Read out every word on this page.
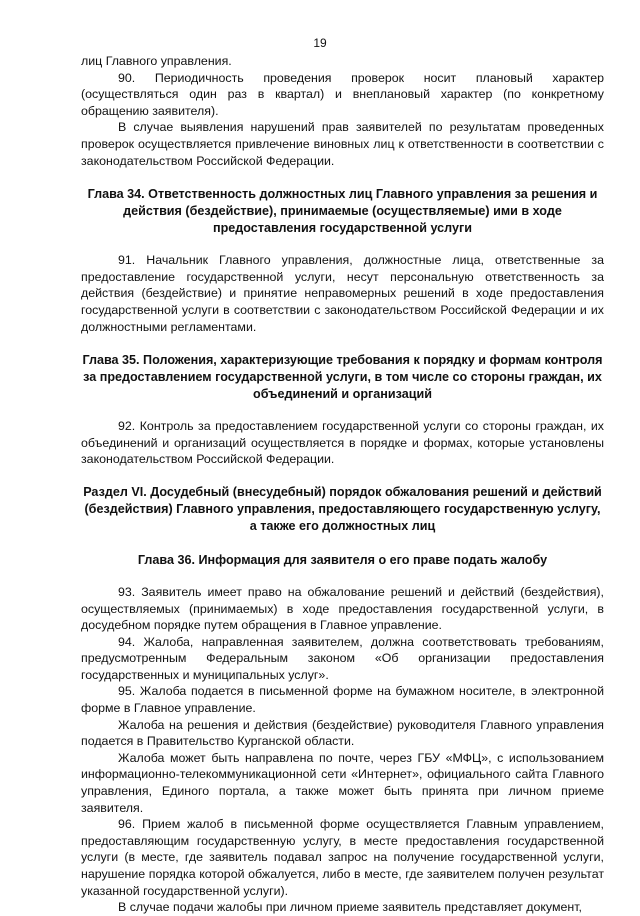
19

лиц Главного управления.

90. Периодичность проведения проверок носит плановый характер (осуществляться один раз в квартал) и внеплановый характер (по конкретному обращению заявителя).

В случае выявления нарушений прав заявителей по результатам проведенных проверок осуществляется привлечение виновных лиц к ответственности в соответствии с законодательством Российской Федерации.

Глава 34. Ответственность должностных лиц Главного управления за решения и действия (бездействие), принимаемые (осуществляемые) ими в ходе предоставления государственной услуги

91. Начальник Главного управления, должностные лица, ответственные за предоставление государственной услуги, несут персональную ответственность за действия (бездействие) и принятие неправомерных решений в ходе предоставления государственной услуги в соответствии с законодательством Российской Федерации и их должностными регламентами.

Глава 35. Положения, характеризующие требования к порядку и формам контроля за предоставлением государственной услуги, в том числе со стороны граждан, их объединений и организаций

92. Контроль за предоставлением государственной услуги со стороны граждан, их объединений и организаций осуществляется в порядке и формах, которые установлены законодательством Российской Федерации.

Раздел VI. Досудебный (внесудебный) порядок обжалования решений и действий (бездействия) Главного управления, предоставляющего государственную услугу, а также его должностных лиц
Глава 36. Информация для заявителя о его праве подать жалобу

93. Заявитель имеет право на обжалование решений и действий (бездействия), осуществляемых (принимаемых) в ходе предоставления государственной услуги, в досудебном порядке путем обращения в Главное управление.

94. Жалоба, направленная заявителем, должна соответствовать требованиям, предусмотренным Федеральным законом «Об организации предоставления государственных и муниципальных услуг».

95. Жалоба подается в письменной форме на бумажном носителе, в электронной форме в Главное управление.

Жалоба на решения и действия (бездействие) руководителя Главного управления подается в Правительство Курганской области.

Жалоба может быть направлена по почте, через ГБУ «МФЦ», с использованием информационно-телекоммуникационной сети «Интернет», официального сайта Главного управления, Единого портала, а также может быть принята при личном приеме заявителя.

96. Прием жалоб в письменной форме осуществляется Главным управлением, предоставляющим государственную услугу, в месте предоставления государственной услуги (в месте, где заявитель подавал запрос на получение государственной услуги, нарушение порядка которой обжалуется, либо в месте, где заявителем получен результат указанной государственной услуги).

В случае подачи жалобы при личном приеме заявитель представляет документ,
